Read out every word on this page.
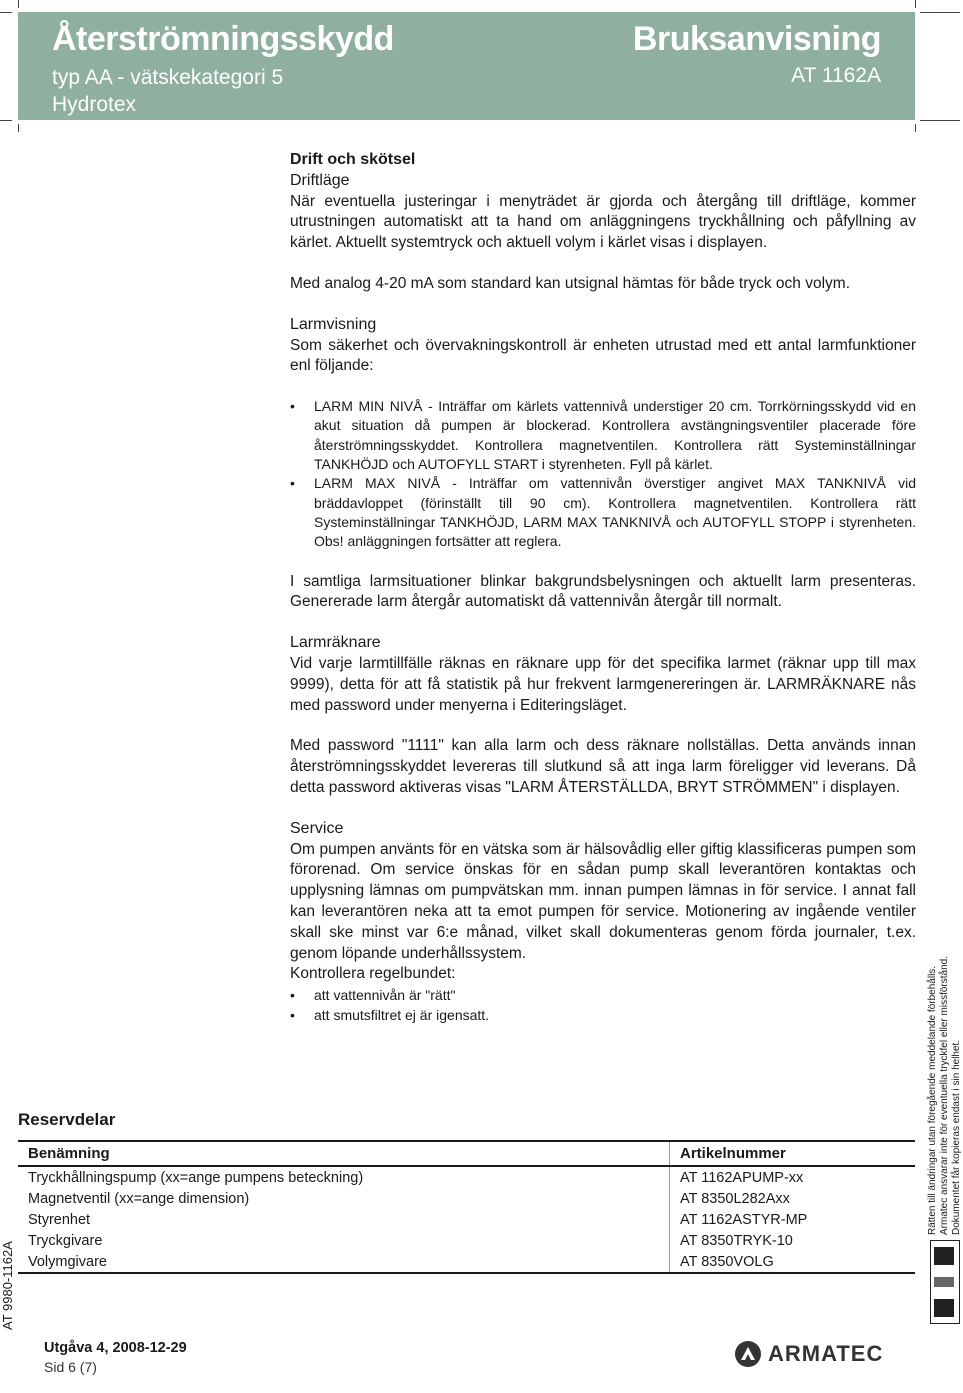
Återströmningsskydd
typ AA - vätskekategori 5
Hydrotex
Bruksanvisning
AT 1162A
Drift och skötsel
Driftläge

När eventuella justeringar i menyträdet är gjorda och återgång till driftläge, kommer utrustningen automatiskt att ta hand om anläggningens tryckhållning och påfyllning av kärlet. Aktuellt systemtryck och aktuell volym i kärlet visas i displayen.

Med analog 4-20 mA som standard kan utsignal hämtas för både tryck och volym.

Larmvisning

Som säkerhet och övervakningskontroll är enheten utrustad med ett antal larmfunktioner enl följande:

• LARM MIN NIVÅ - Inträffar om kärlets vattennivå understiger 20 cm. Torrkörningsskydd vid en akut situation då pumpen är blockerad. Kontrollera avstängningsventiler placerade före återströmningsskyddet. Kontrollera magnetventilen. Kontrollera rätt Systeminställningar TANKHÖJD och AUTOFYLL START i styrenheten. Fyll på kärlet.
• LARM MAX NIVÅ - Inträffar om vattennivån överstiger angivet MAX TANKNIVÅ vid bräddavloppet (förinställt till 90 cm). Kontrollera magnetventilen. Kontrollera rätt Systeminställningar TANKHÖJD, LARM MAX TANKNIVÅ och AUTOFYLL STOPP i styrenheten. Obs! anläggningen fortsätter att reglera.

I samtliga larmsituationer blinkar bakgrundsbelysningen och aktuellt larm presenteras. Genererade larm återgår automatiskt då vattennivån återgår till normalt.

Larmräknare

Vid varje larmtillfälle räknas en räknare upp för det specifika larmet (räknar upp till max 9999), detta för att få statistik på hur frekvent larmgenereringen är. LARMRÄKNARE nås med password under menyerna i Editeringsläget.

Med password "1111" kan alla larm och dess räknare nollställas. Detta används innan återströmningsskyddet levereras till slutkund så att inga larm föreligger vid leverans. Då detta password aktiveras visas "LARM ÅTERSTÄLLDA, BRYT STRÖMMEN" i displayen.

Service

Om pumpen använts för en vätska som är hälsovådlig eller giftig klassificeras pumpen som förorenad. Om service önskas för en sådan pump skall leverantören kontaktas och upplysning lämnas om pumpvätskan mm. innan pumpen lämnas in för service. I annat fall kan leverantören neka att ta emot pumpen för service. Motionering av ingående ventiler skall ske minst var 6:e månad, vilket skall dokumenteras genom förda journaler, t.ex. genom löpande underhållssystem.

Kontrollera regelbundet:

• att vattennivån är "rätt"
• att smutsfiltret ej är igensatt.
Reservdelar
Benämning	Artikelnummer
Tryckhållningspump (xx=ange pumpens beteckning)	AT 1162APUMP-xx
Magnetventil (xx=ange dimension)	AT 8350L282Axx
Styrenhet	AT 1162ASTYR-MP
Tryckgivare	AT 8350TRYK-10
Volymgivare	AT 8350VOLG
AT 9980-1162A
Rätten till ändringar utan föregående meddelande förbehålls. Armatec ansvarar inte för eventuella tryckfel eller missförstånd. Dokumentet får kopieras endast i sin helhet.
Utgåva 4, 2008-12-29
Sid 6 (7)
ARMATEC
